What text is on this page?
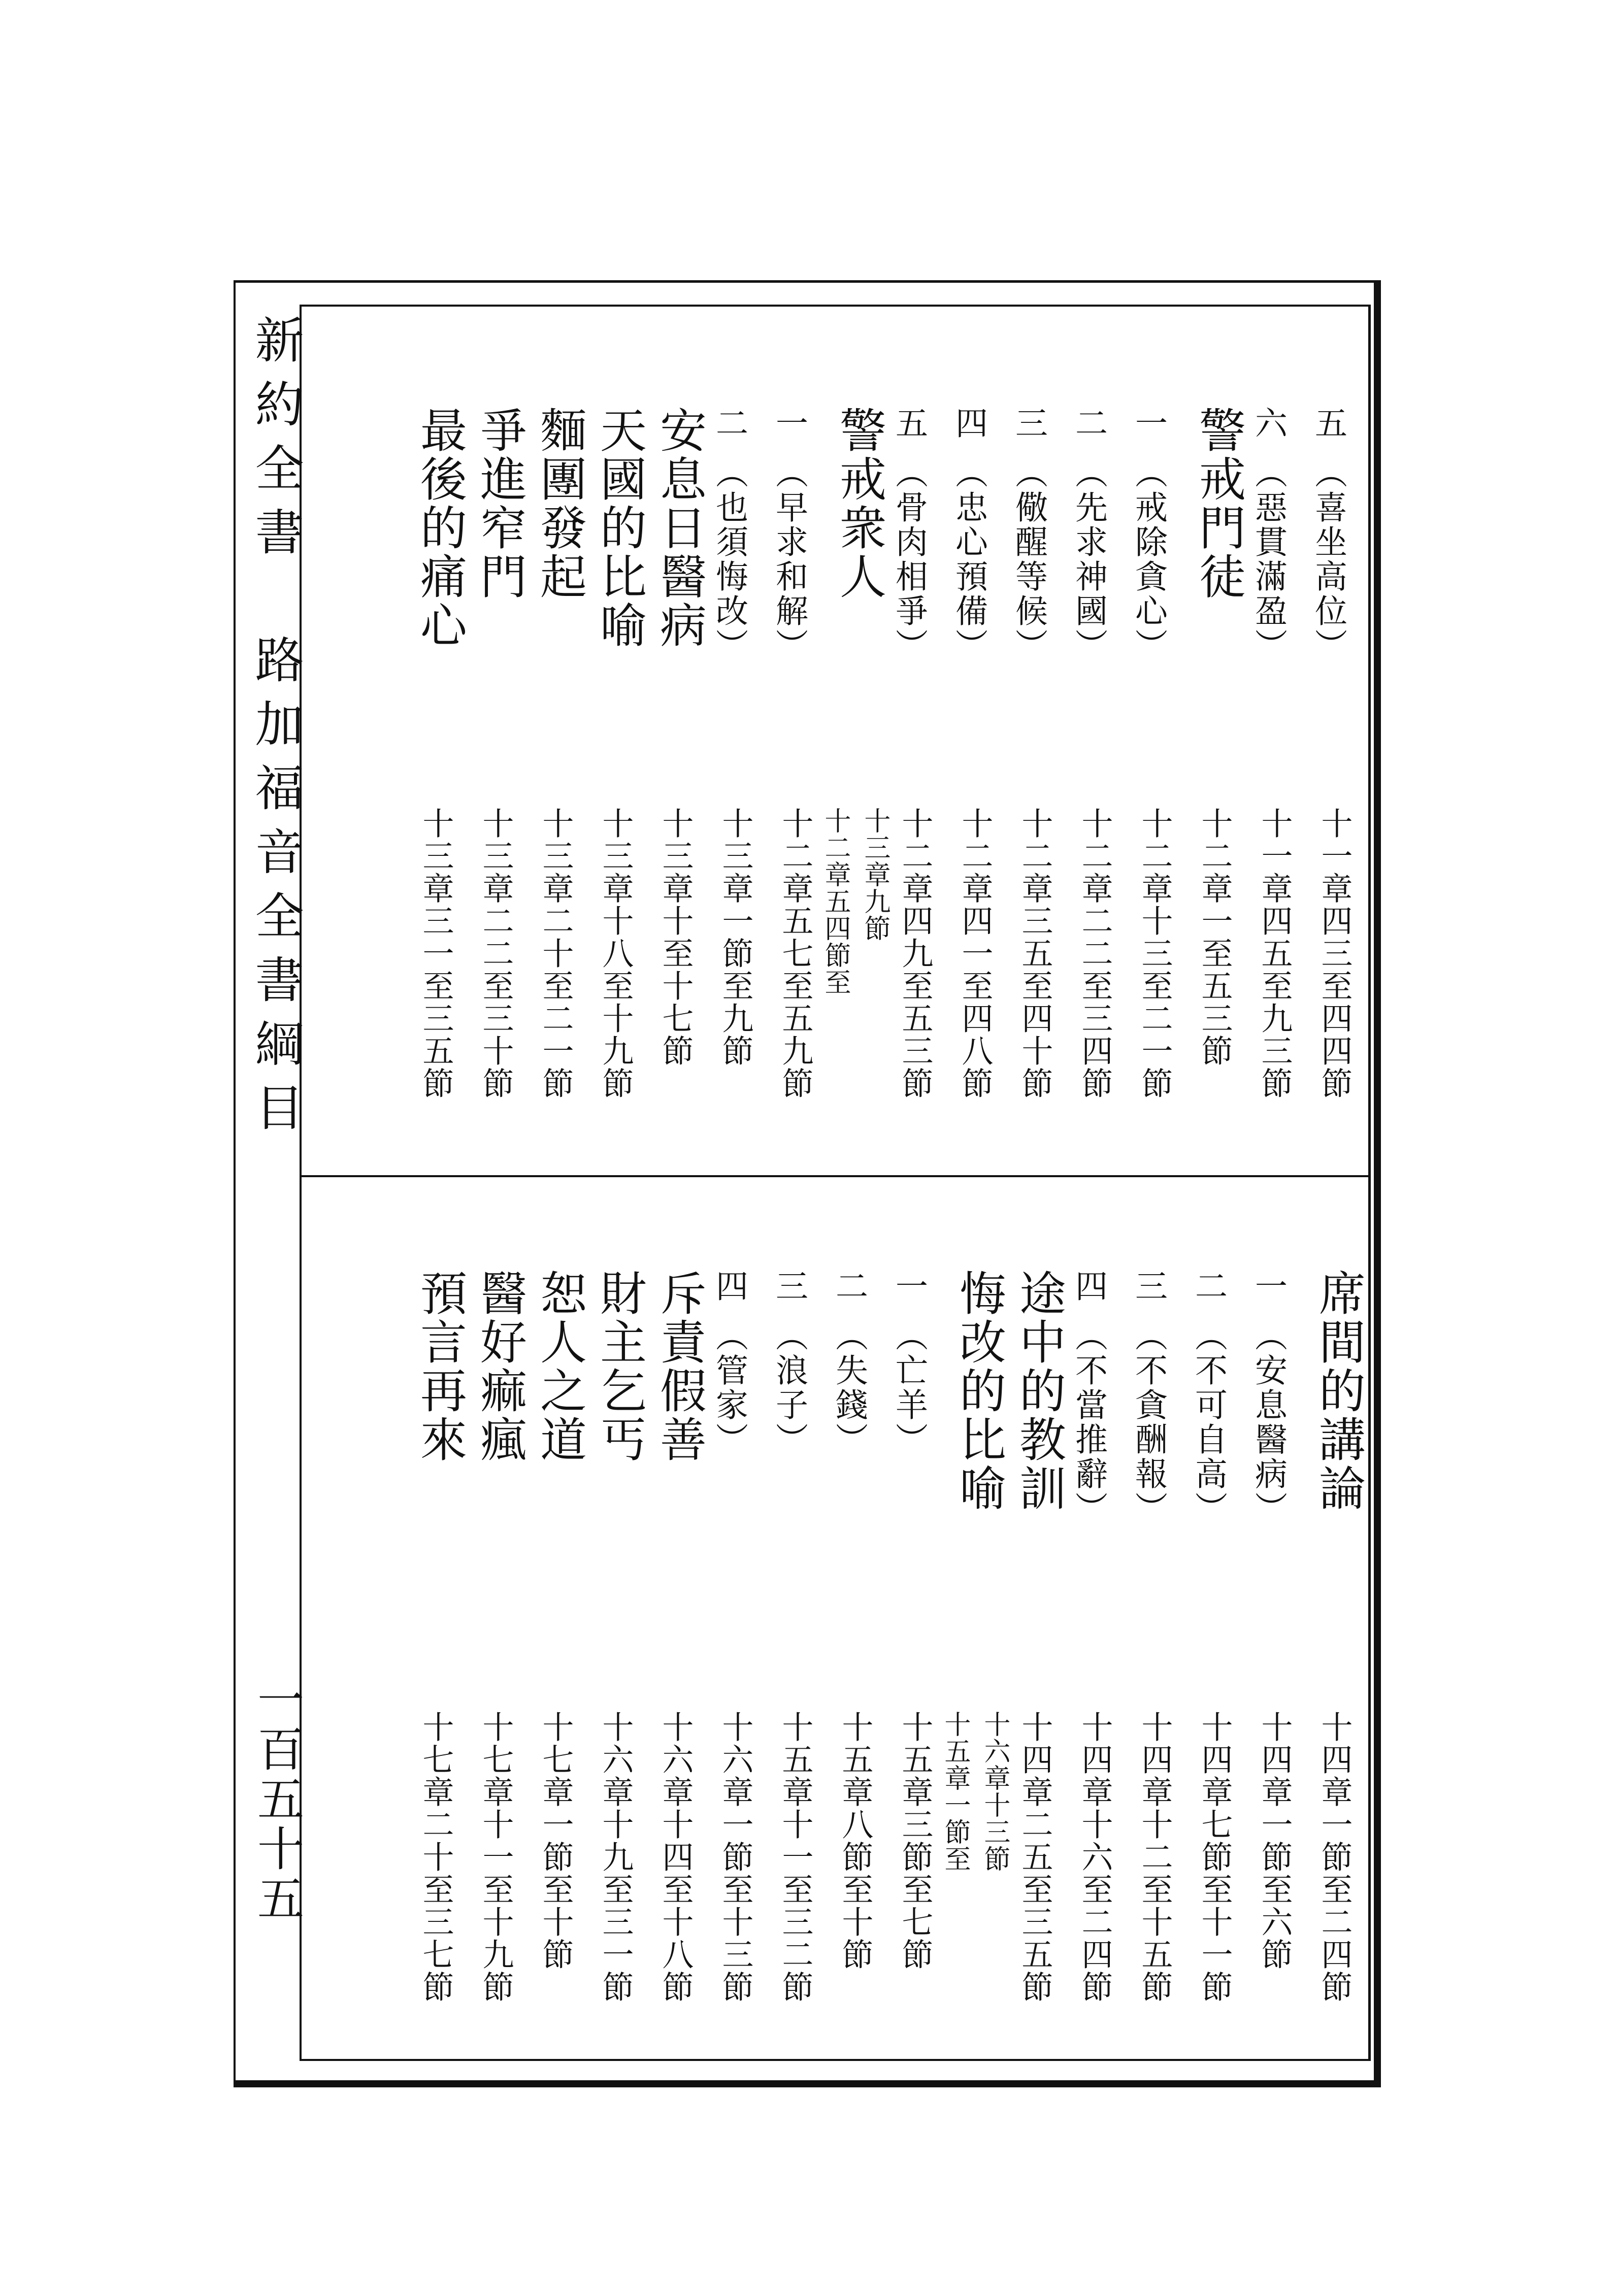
新約全書　路加福音全書綱目
一百五十五
五（喜坐高位）
十一章四三至四四節
六（惡貫滿盈）
十一章四五至九三節
警戒門徒
十二章一至五三節
一（戒除貪心）
十二章十三至二一節
二（先求神國）
十二章二二至三四節
三（儆醒等候）
十二章三五至四十節
四（忠心預備）
十二章四一至四八節
五（骨肉相爭）
十二章四九至五三節
警戒衆人
十二章五四節至 十三章九節
一（早求和解）
十二章五七至五九節
二（也須悔改）
十三章一節至九節
安息日醫病
十三章十至十七節
天國的比喻
十三章十八至十九節
麵團發起
十三章二十至二一節
爭進窄門
十三章二二至三十節
最後的痛心
十三章三一至三五節
席間的講論
十四章一節至二四節
一（安息醫病）
十四章一節至六節
二（不可自高）
十四章七節至十一節
三（不貪酬報）
十四章十二至十五節
四（不當推辭）
十四章十六至二四節
途中的教訓
十四章二五至三五節
悔改的比喻
十五章一節至 十六章十三節
一（亡羊）
十五章三節至七節
二（失錢）
十五章八節至十節
三（浪子）
十五章十一至三二節
四（管家）
十六章一節至十三節
斥責假善
十六章十四至十八節
財主乞丐
十六章十九至三一節
恕人之道
十七章一節至十節
醫好痲瘋
十七章十一至十九節
預言再來
十七章二十至三七節
